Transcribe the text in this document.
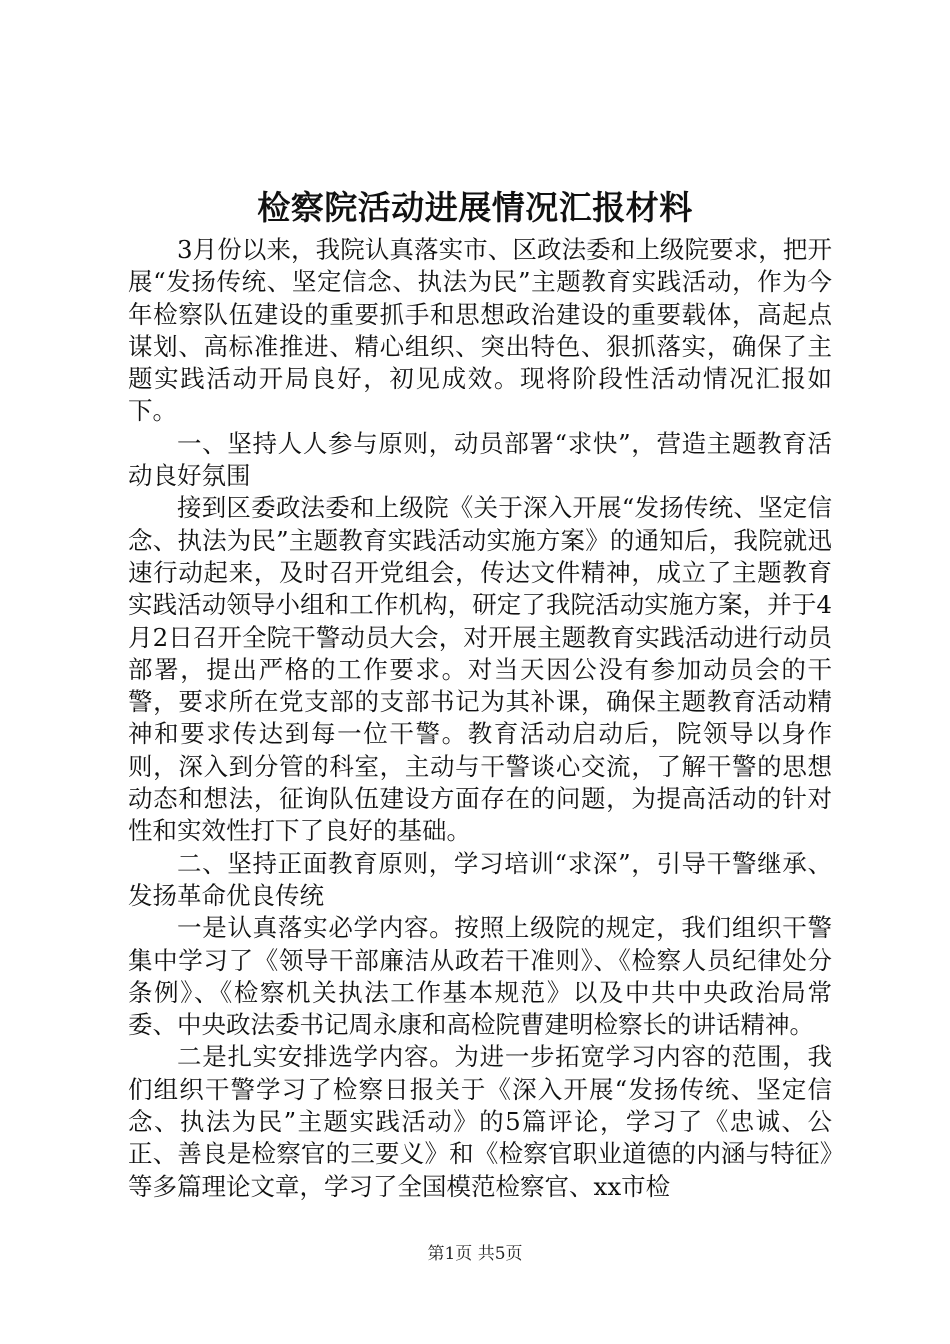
检察院活动进展情况汇报材料

3月份以来，我院认真落实市、区政法委和上级院要求，把开展“发扬传统、坚定信念、执法为民”主题教育实践活动，作为今年检察队伍建设的重要抓手和思想政治建设的重要载体，高起点谋划、高标准推进、精心组织、突出特色、狠抓落实，确保了主题实践活动开局良好，初见成效。现将阶段性活动情况汇报如下。

一、坚持人人参与原则，动员部署“求快”，营造主题教育活动良好氛围

接到区委政法委和上级院《关于深入开展“发扬传统、坚定信念、执法为民”主题教育实践活动实施方案》的通知后，我院就迅速行动起来，及时召开党组会，传达文件精神，成立了主题教育实践活动领导小组和工作机构，研定了我院活动实施方案，并于4月2日召开全院干警动员大会，对开展主题教育实践活动进行动员部署，提出严格的工作要求。对当天因公没有参加动员会的干警，要求所在党支部的支部书记为其补课，确保主题教育活动精神和要求传达到每一位干警。教育活动启动后，院领导以身作则，深入到分管的科室，主动与干警谈心交流，了解干警的思想动态和想法，征询队伍建设方面存在的问题，为提高活动的针对性和实效性打下了良好的基础。

二、坚持正面教育原则，学习培训“求深”，引导干警继承、发扬革命优良传统

一是认真落实必学内容。按照上级院的规定，我们组织干警集中学习了《领导干部廉洁从政若干准则》、《检察人员纪律处分条例》、《检察机关执法工作基本规范》以及中共中央政治局常委、中央政法委书记周永康和高检院曹建明检察长的讲话精神。

二是扎实安排选学内容。为进一步拓宽学习内容的范围，我们组织干警学习了检察日报关于《深入开展“发扬传统、坚定信念、执法为民”主题实践活动》的5篇评论，学习了《忠诚、公正、善良是检察官的三要义》和《检察官职业道德的内涵与特征》等多篇理论文章，学习了全国模范检察官、xx市检

第1页 共5页
